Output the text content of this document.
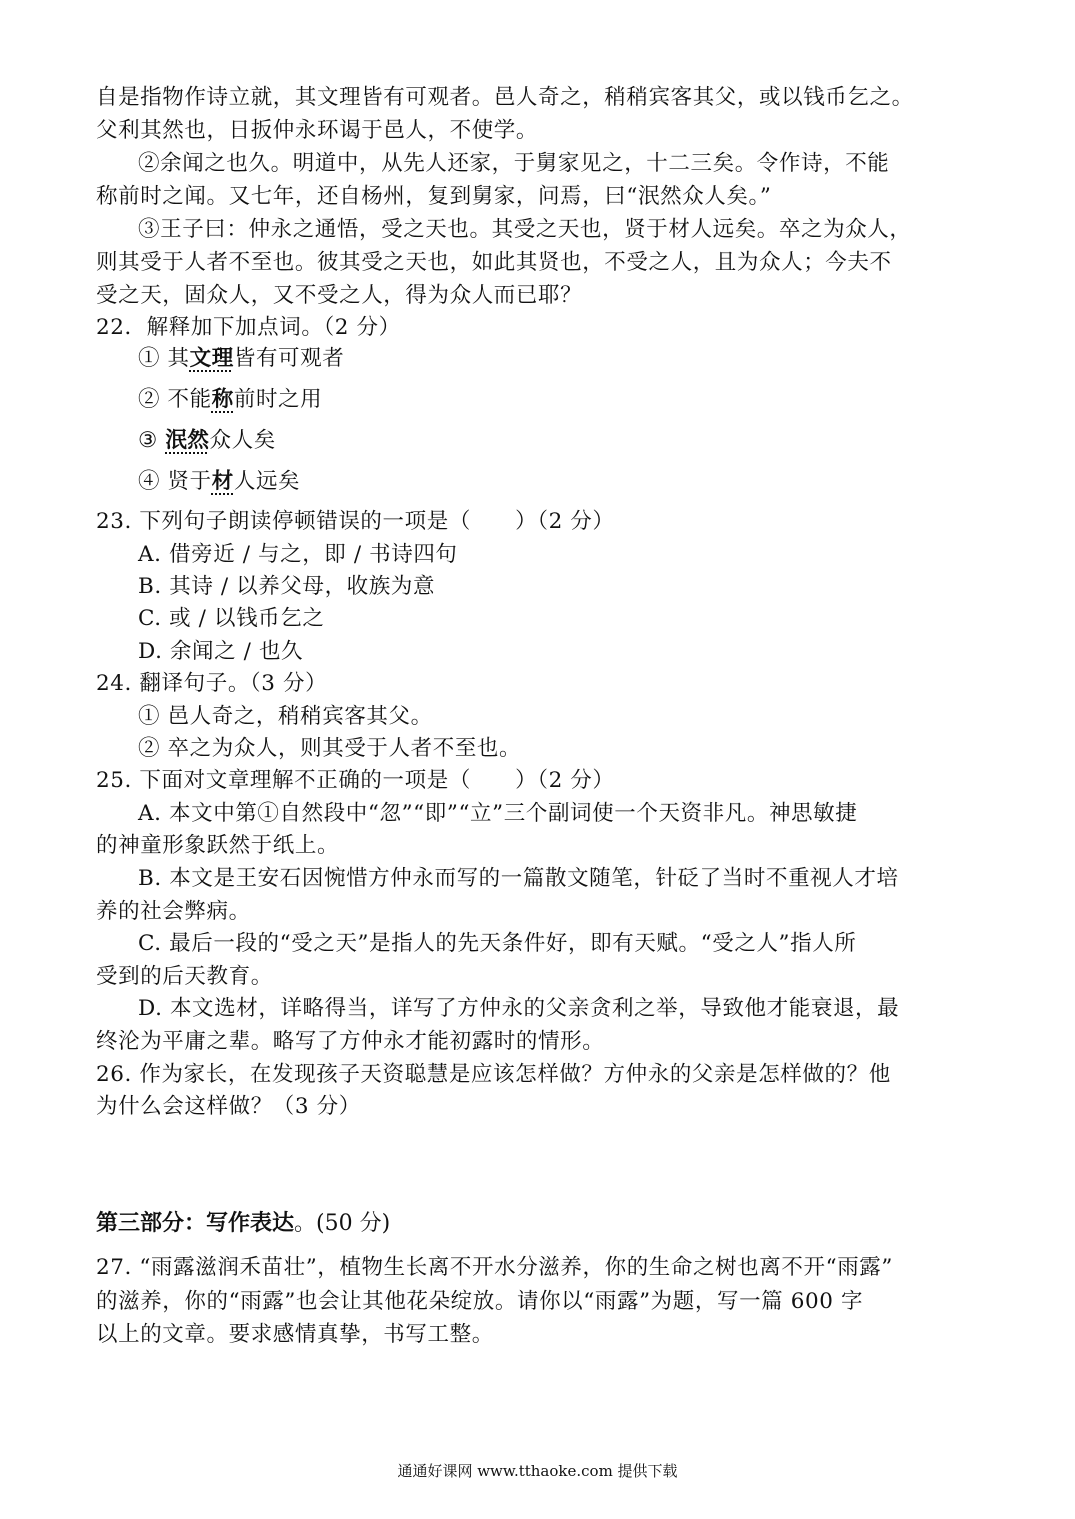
自是指物作诗立就，其文理皆有可观者。邑人奇之，稍稍宾客其父，或以钱币乞之。
父利其然也，日扳仲永环谒于邑人，不使学。
②余闻之也久。明道中，从先人还家，于舅家见之，十二三矣。令作诗，不能
称前时之闻。又七年，还自杨州，复到舅家，问焉，曰“泯然众人矣。”
③王子曰：仲永之通悟，受之天也。其受之天也，贤于材人远矣。卒之为众人，
则其受于人者不至也。彼其受之天也，如此其贤也，不受之人，且为众人；今夫不
受之天，固众人，又不受之人，得为众人而已耶？
22．解释加下加点词。（2 分）
① 其文理皆有可观者
② 不能称前时之用
③ 泯然众人矣
④ 贤于材人远矣
23. 下列句子朗读停顿错误的一项是（　　）（2 分）
A. 借旁近 / 与之，即 / 书诗四句
B. 其诗 / 以养父母，收族为意
C. 或 / 以钱币乞之
D. 余闻之 / 也久
24. 翻译句子。（3 分）
① 邑人奇之，稍稍宾客其父。
② 卒之为众人，则其受于人者不至也。
25. 下面对文章理解不正确的一项是（　　）（2 分）
A. 本文中第①自然段中“忽”“即”“立”三个副词使一个天资非凡。神思敏捷
的神童形象跃然于纸上。
B. 本文是王安石因惋惜方仲永而写的一篇散文随笔，针砭了当时不重视人才培
养的社会弊病。
C. 最后一段的“受之天”是指人的先天条件好，即有天赋。“受之人”指人所
受到的后天教育。
D. 本文选材，详略得当，详写了方仲永的父亲贪利之举，导致他才能衰退，最
终沦为平庸之辈。略写了方仲永才能初露时的情形。
26. 作为家长，在发现孩子天资聪慧是应该怎样做？方仲永的父亲是怎样做的？他
为什么会这样做？（3 分）
第三部分：写作表达。(50 分)
27. “雨露滋润禾苗壮”，植物生长离不开水分滋养，你的生命之树也离不开“雨露”
的滋养，你的“雨露”也会让其他花朵绽放。请你以“雨露”为题，写一篇 600 字
以上的文章。要求感情真挚，书写工整。
通通好课网 www.tthaoke.com 提供下载
